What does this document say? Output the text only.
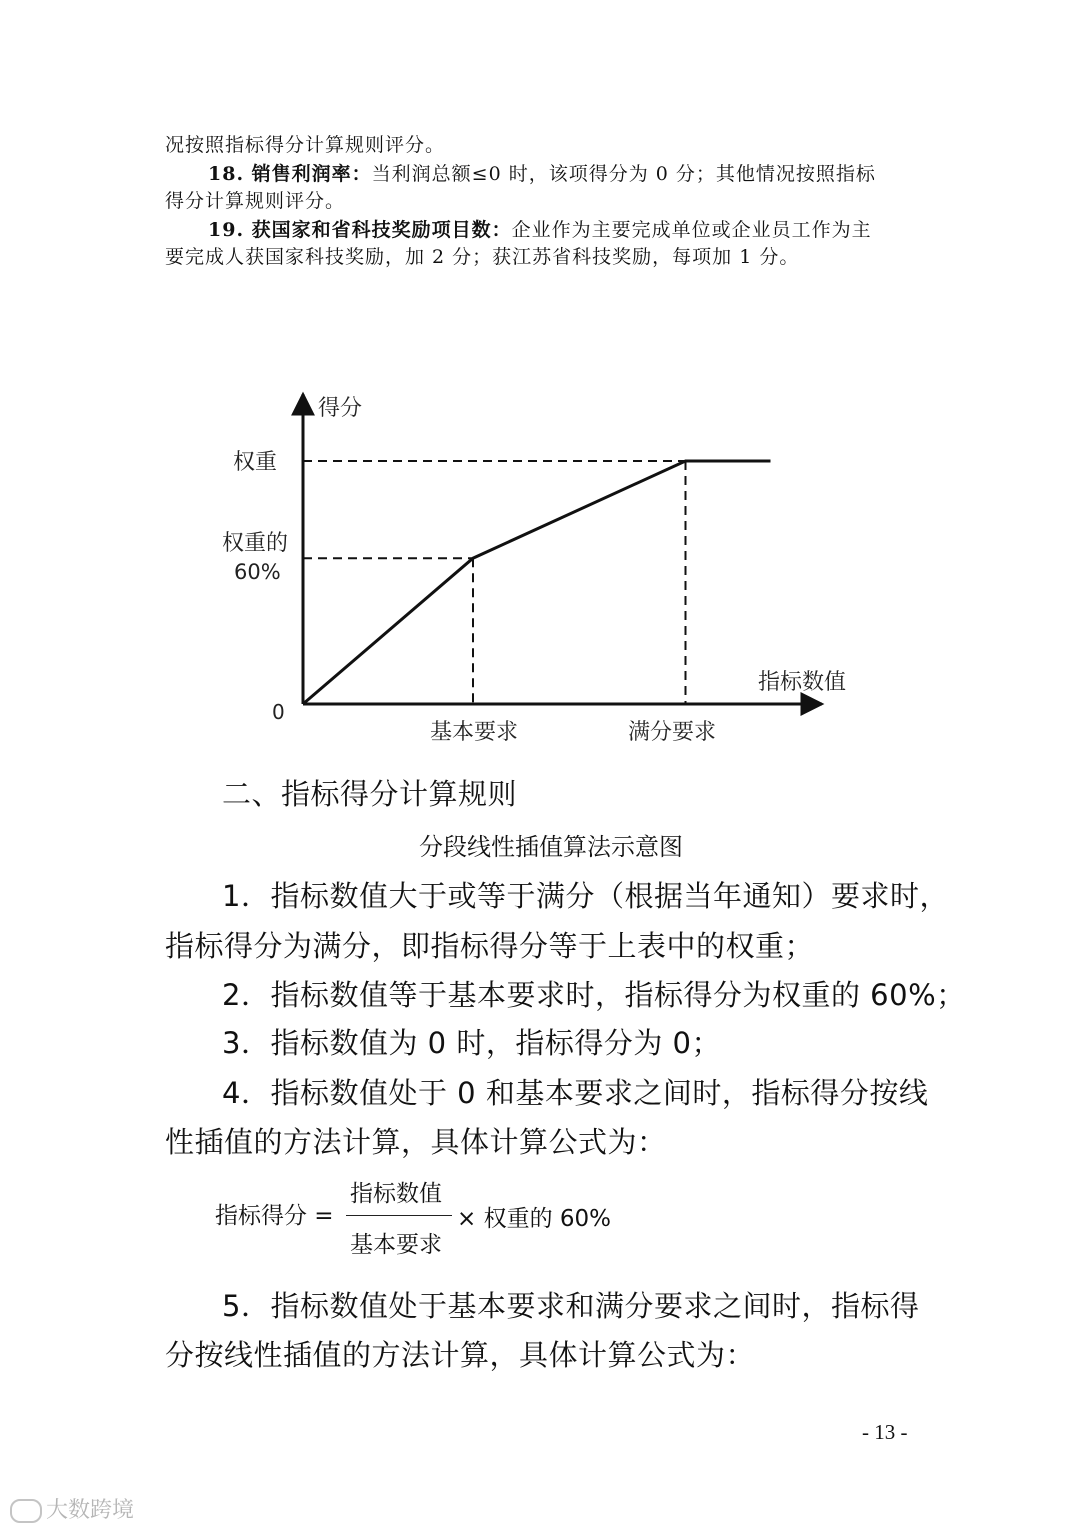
况按照指标得分计算规则评分。
18. 销售利润率：当利润总额≤0 时，该项得分为 0 分；其他情况按照指标
得分计算规则评分。
19. 获国家和省科技奖励项目数：企业作为主要完成单位或企业员工作为主
要完成人获国家科技奖励，加 2 分；获江苏省科技奖励，每项加 1 分。
得分
指标数值
0
权重
权重的
60%
基本要求	满分要求
二、指标得分计算规则
分段线性插值算法示意图
1．指标数值大于或等于满分（根据当年通知）要求时，
指标得分为满分，即指标得分等于上表中的权重；
2．指标数值等于基本要求时，指标得分为权重的 60%；
3．指标数值为 0 时，指标得分为 0；
4．指标数值处于 0 和基本要求之间时，指标得分按线
性插值的方法计算，具体计算公式为：
指标得分 =
指标数值
基本要求
× 权重的 60%
5．指标数值处于基本要求和满分要求之间时，指标得
分按线性插值的方法计算，具体计算公式为：
- 13 -
大数跨境
